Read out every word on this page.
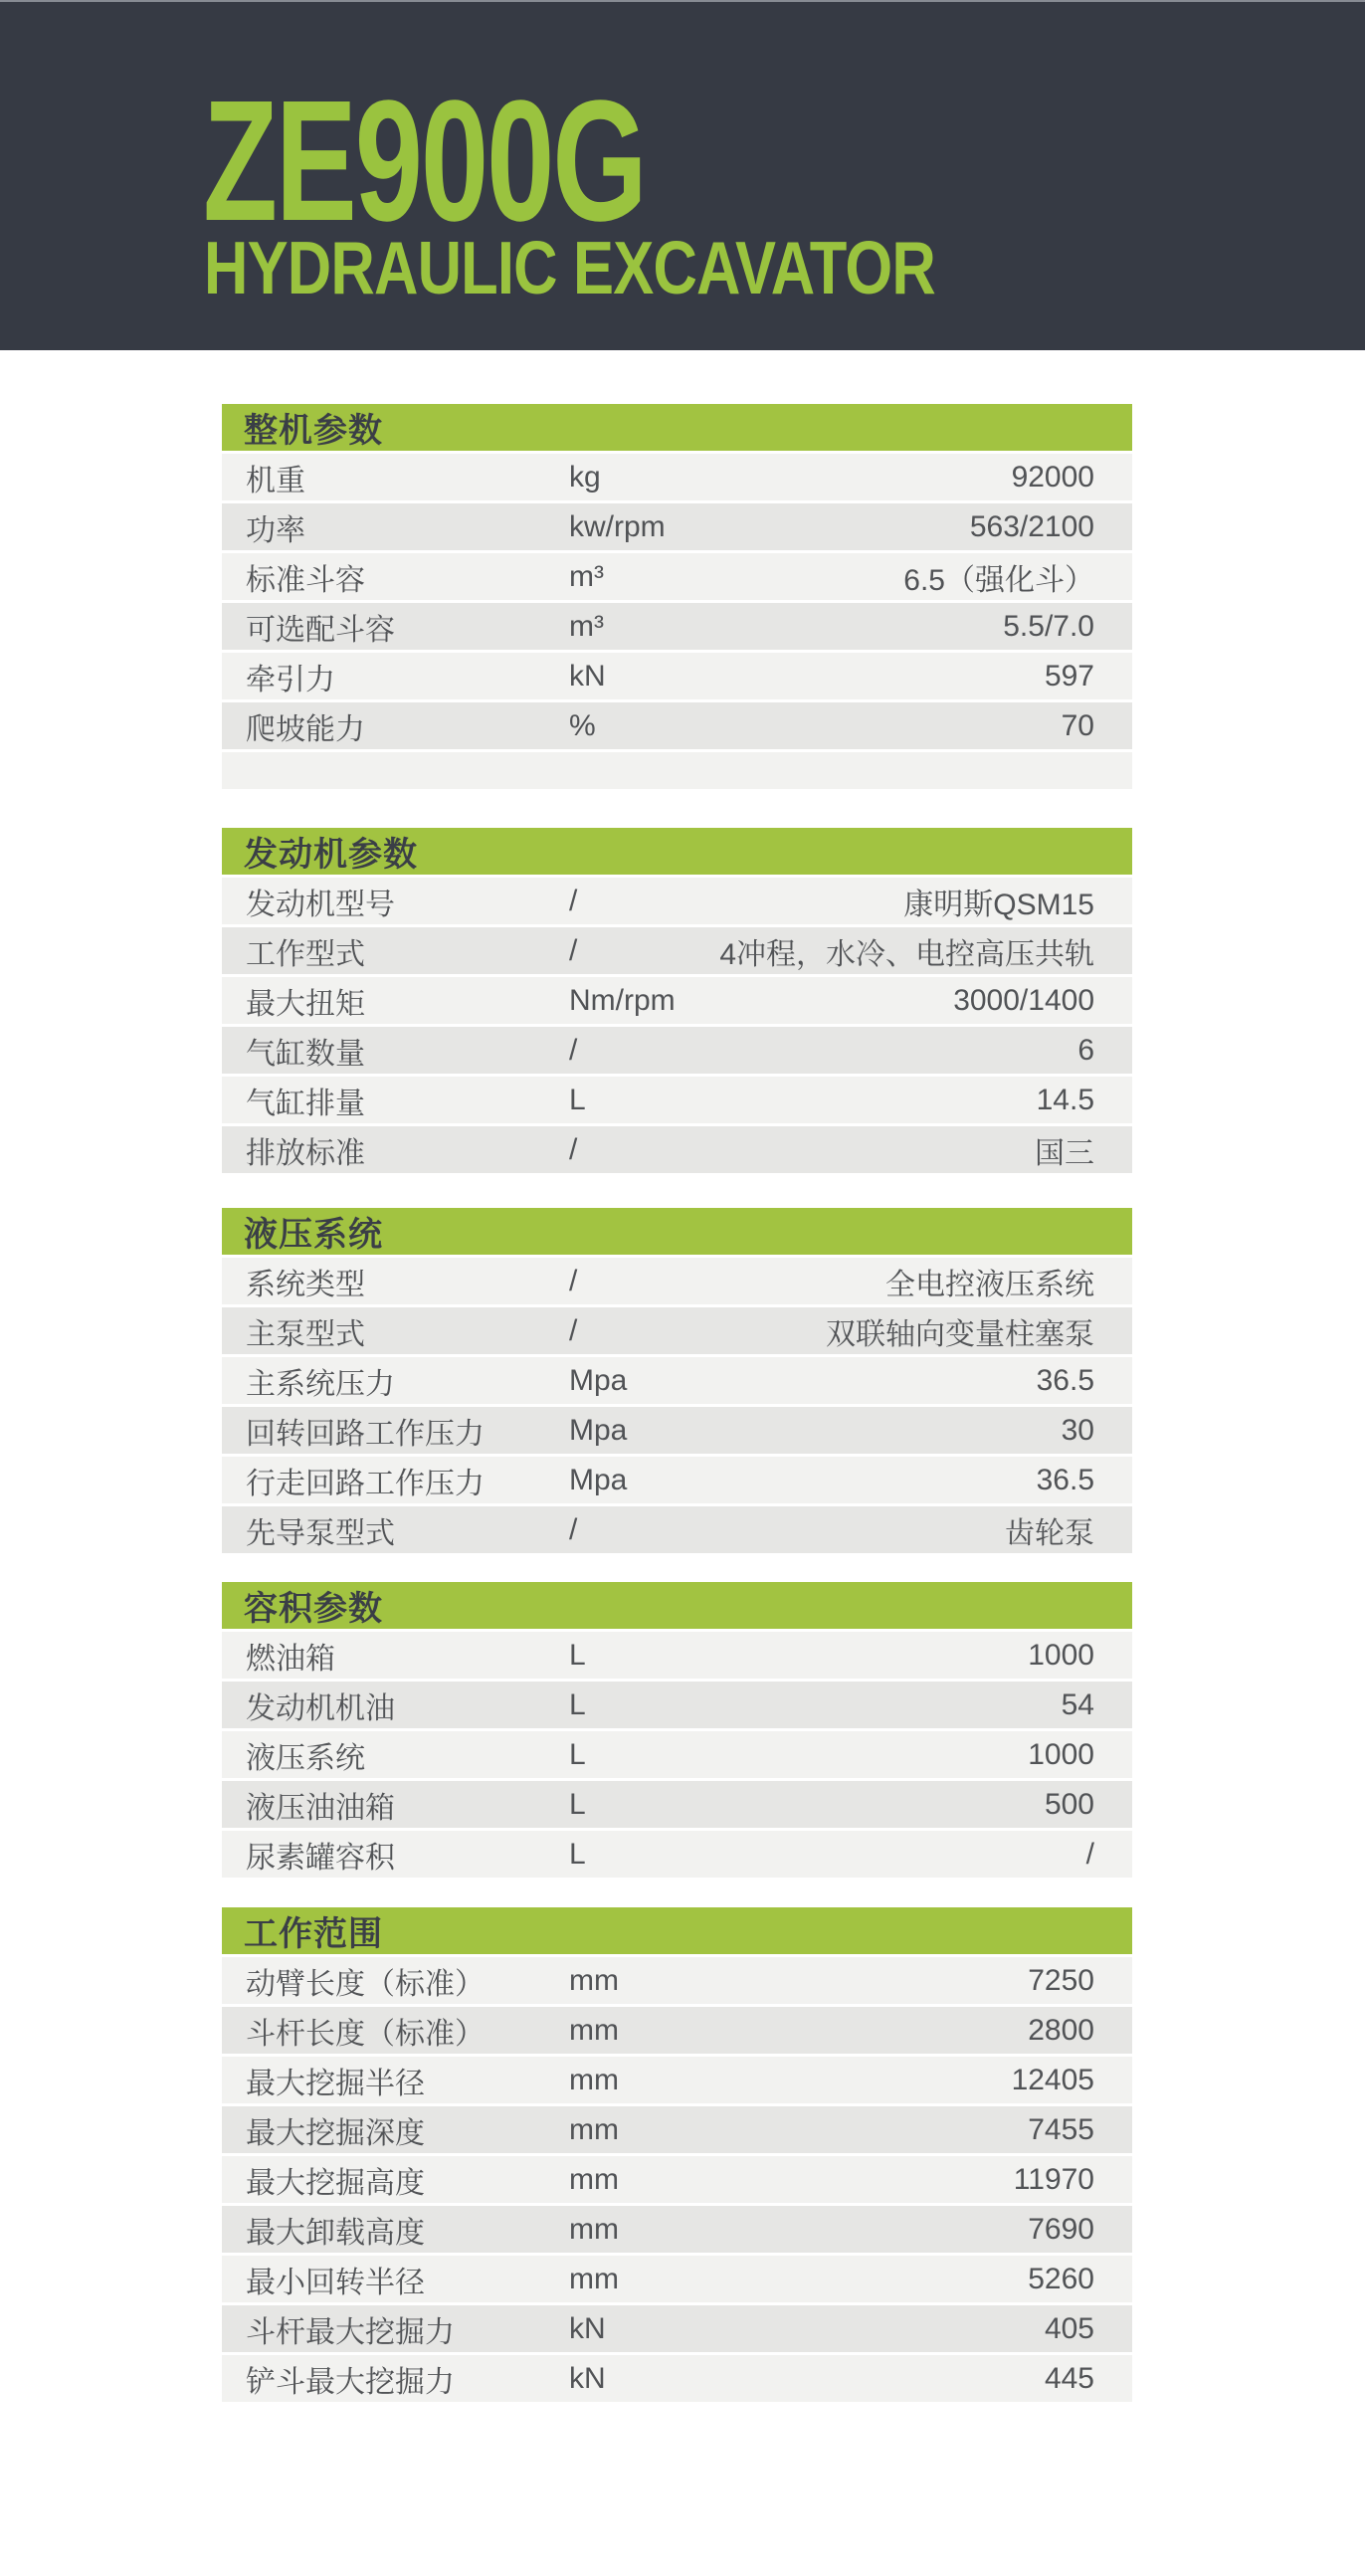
ZE900G
HYDRAULIC EXCAVATOR
整机参数
机重	kg	92000
功率	kw/rpm	563/2100
标准斗容	m³	6.5（强化斗）
可选配斗容	m³	5.5/7.0
牵引力	kN	597
爬坡能力	%	70
发动机参数
发动机型号	/	康明斯QSM15
工作型式	/	4冲程，水冷、电控高压共轨
最大扭矩	Nm/rpm	3000/1400
气缸数量	/	6
气缸排量	L	14.5
排放标准	/	国三
液压系统
系统类型	/	全电控液压系统
主泵型式	/	双联轴向变量柱塞泵
主系统压力	Mpa	36.5
回转回路工作压力	Mpa	30
行走回路工作压力	Mpa	36.5
先导泵型式	/	齿轮泵
容积参数
燃油箱	L	1000
发动机机油	L	54
液压系统	L	1000
液压油油箱	L	500
尿素罐容积	L	/
工作范围
动臂长度（标准）	mm	7250
斗杆长度（标准）	mm	2800
最大挖掘半径	mm	12405
最大挖掘深度	mm	7455
最大挖掘高度	mm	11970
最大卸载高度	mm	7690
最小回转半径	mm	5260
斗杆最大挖掘力	kN	405
铲斗最大挖掘力	kN	445
